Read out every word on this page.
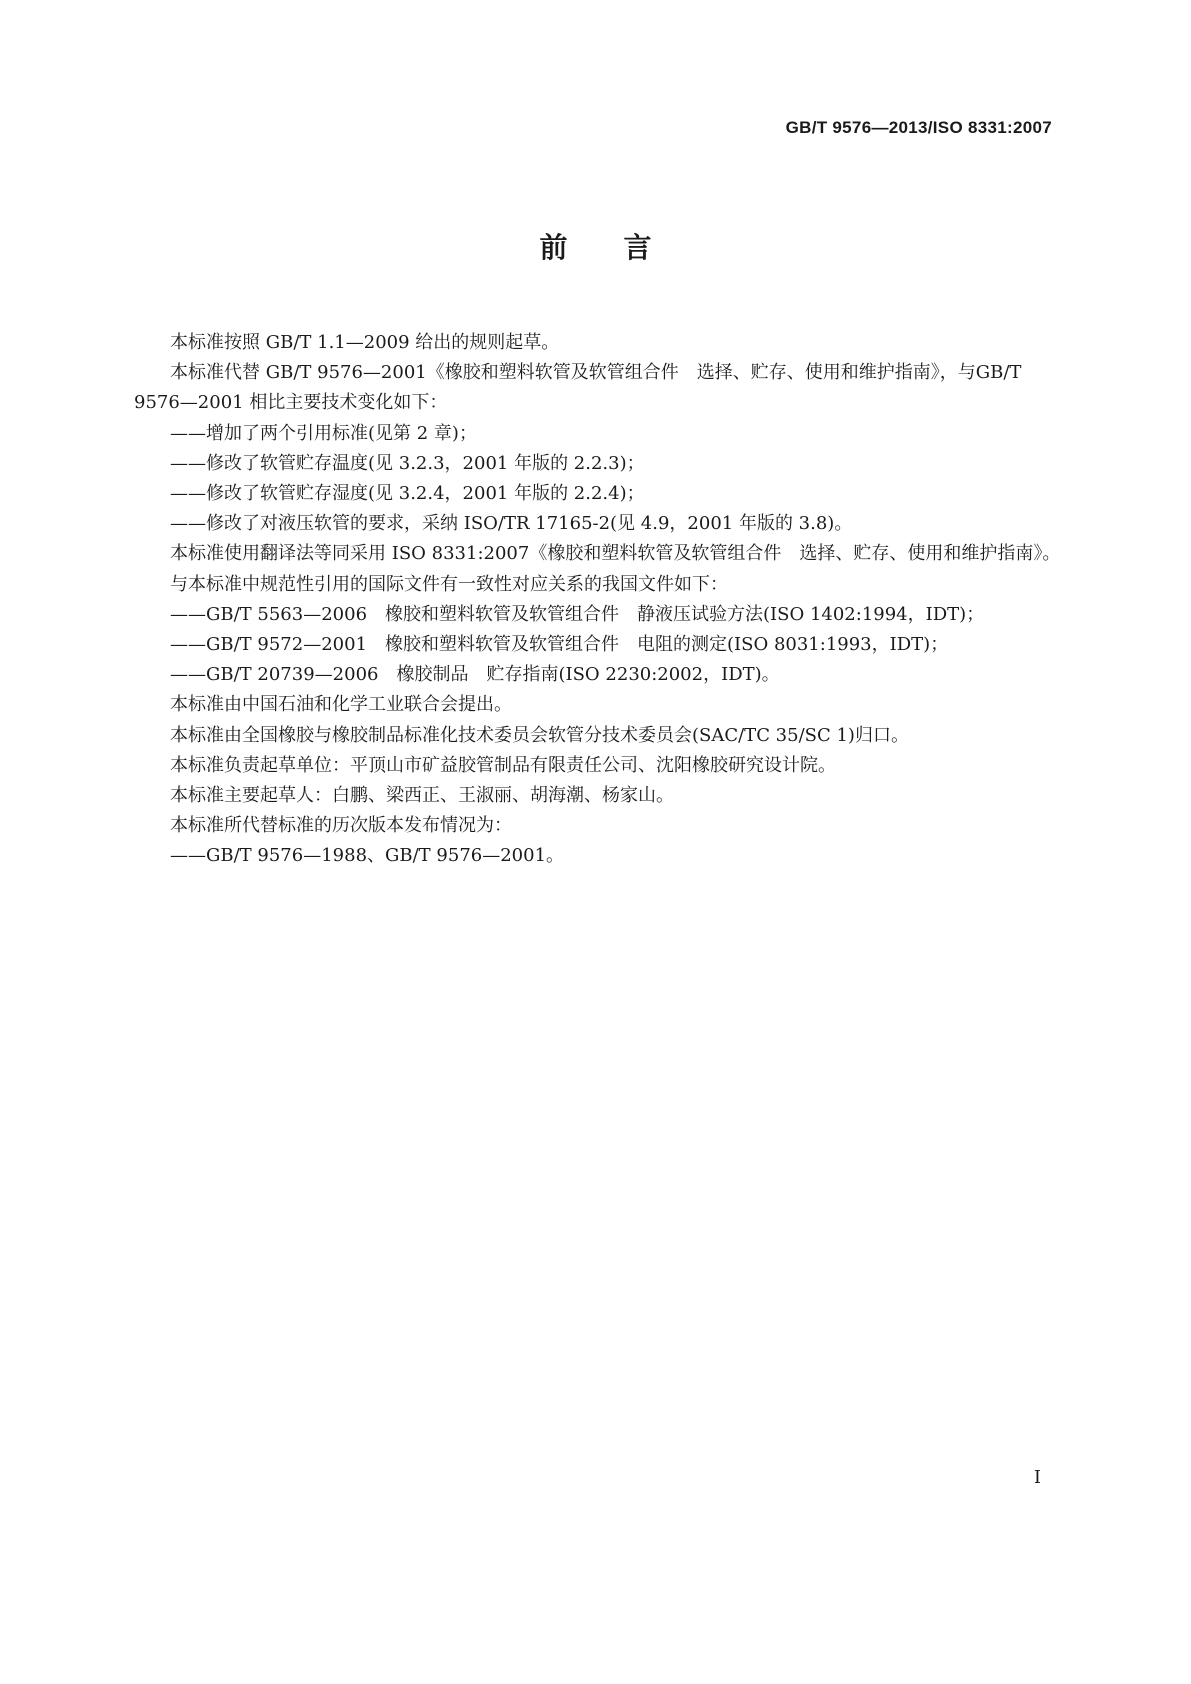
GB/T 9576—2013/ISO 8331:2007
前言
本标准按照 GB/T 1.1—2009 给出的规则起草。
本标准代替 GB/T 9576—2001《橡胶和塑料软管及软管组合件　选择、贮存、使用和维护指南》，与GB/T 9576—2001 相比主要技术变化如下：
——增加了两个引用标准(见第 2 章)；
——修改了软管贮存温度(见 3.2.3，2001 年版的 2.2.3)；
——修改了软管贮存湿度(见 3.2.4，2001 年版的 2.2.4)；
——修改了对液压软管的要求，采纳 ISO/TR 17165-2(见 4.9，2001 年版的 3.8)。
本标准使用翻译法等同采用 ISO 8331:2007《橡胶和塑料软管及软管组合件　选择、贮存、使用和维护指南》。
与本标准中规范性引用的国际文件有一致性对应关系的我国文件如下：
——GB/T 5563—2006　橡胶和塑料软管及软管组合件　静液压试验方法(ISO 1402:1994，IDT)；
——GB/T 9572—2001　橡胶和塑料软管及软管组合件　电阻的测定(ISO 8031:1993，IDT)；
——GB/T 20739—2006　橡胶制品　贮存指南(ISO 2230:2002，IDT)。
本标准由中国石油和化学工业联合会提出。
本标准由全国橡胶与橡胶制品标准化技术委员会软管分技术委员会(SAC/TC 35/SC 1)归口。
本标准负责起草单位：平顶山市矿益胶管制品有限责任公司、沈阳橡胶研究设计院。
本标准主要起草人：白鹏、梁西正、王淑丽、胡海潮、杨家山。
本标准所代替标准的历次版本发布情况为：
——GB/T 9576—1988、GB/T 9576—2001。
I
